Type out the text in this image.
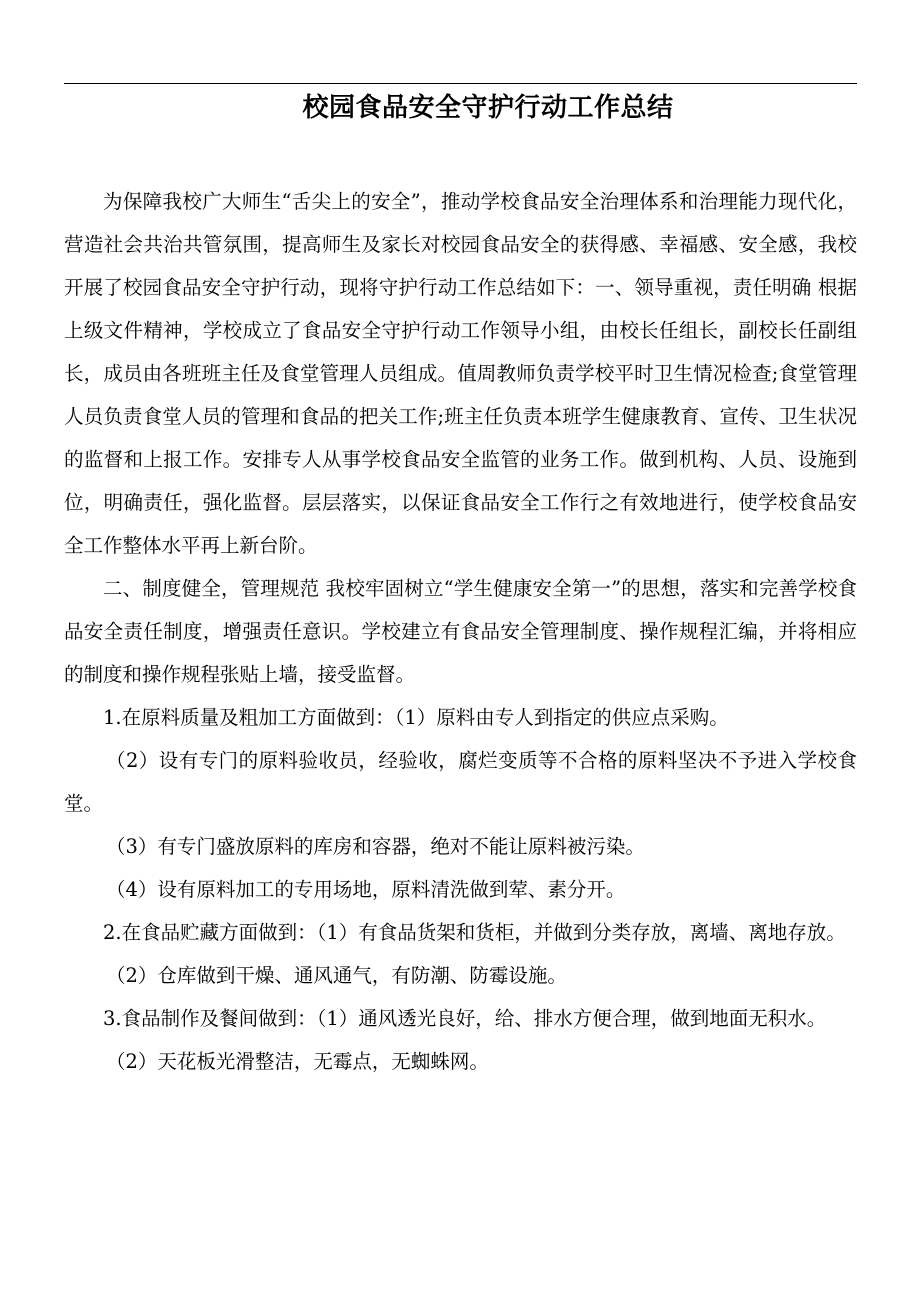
校园食品安全守护行动工作总结

为保障我校广大师生“舌尖上的安全”，推动学校食品安全治理体系和治理能力现代化，营造社会共治共管氛围，提高师生及家长对校园食品安全的获得感、幸福感、安全感，我校开展了校园食品安全守护行动，现将守护行动工作总结如下：一、领导重视，责任明确 根据上级文件精神，学校成立了食品安全守护行动工作领导小组，由校长任组长，副校长任副组长，成员由各班班主任及食堂管理人员组成。值周教师负责学校平时卫生情况检查;食堂管理人员负责食堂人员的管理和食品的把关工作;班主任负责本班学生健康教育、宣传、卫生状况的监督和上报工作。安排专人从事学校食品安全监管的业务工作。做到机构、人员、设施到位，明确责任，强化监督。层层落实，以保证食品安全工作行之有效地进行，使学校食品安全工作整体水平再上新台阶。

二、制度健全，管理规范 我校牢固树立“学生健康安全第一”的思想，落实和完善学校食品安全责任制度，增强责任意识。学校建立有食品安全管理制度、操作规程汇编，并将相应的制度和操作规程张贴上墙，接受监督。

1.在原料质量及粗加工方面做到：（1）原料由专人到指定的供应点采购。

（2）设有专门的原料验收员，经验收，腐烂变质等不合格的原料坚决不予进入学校食堂。

（3）有专门盛放原料的库房和容器，绝对不能让原料被污染。

（4）设有原料加工的专用场地，原料清洗做到荤、素分开。

2.在食品贮藏方面做到：（1）有食品货架和货柜，并做到分类存放，离墙、离地存放。

（2）仓库做到干燥、通风通气，有防潮、防霉设施。

3.食品制作及餐间做到：（1）通风透光良好，给、排水方便合理，做到地面无积水。

（2）天花板光滑整洁，无霉点，无蜘蛛网。
